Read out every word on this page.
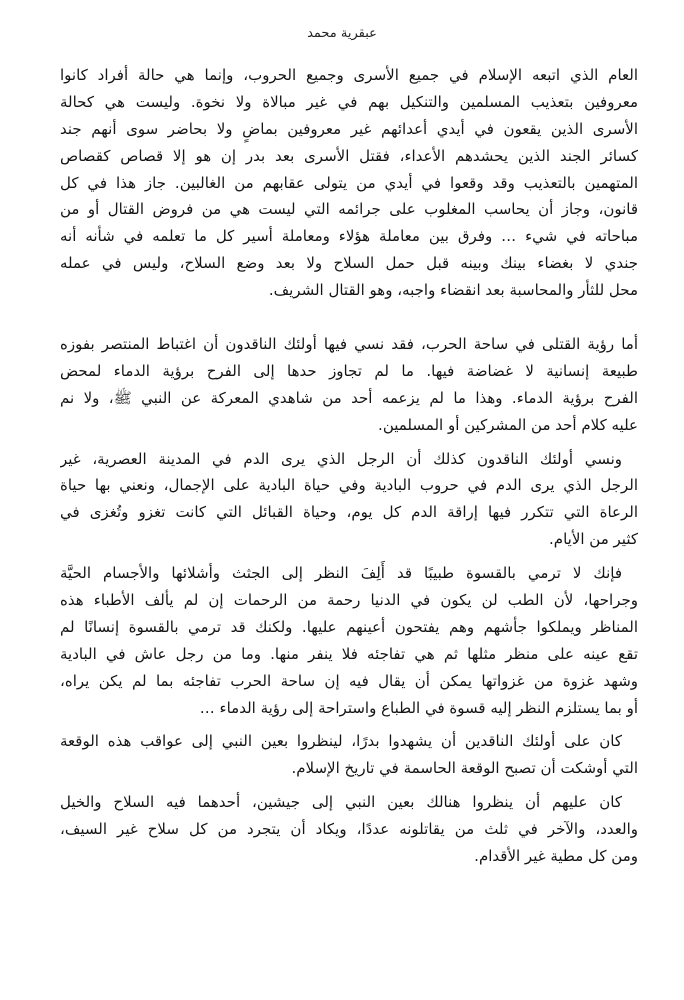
عبقرية محمد
العام الذي اتبعه الإسلام في جميع الأسرى وجميع الحروب، وإنما هي حالة أفراد كانوا
معروفين بتعذيب المسلمين والتنكيل بهم في غير مبالاة ولا نخوة. وليست هي كحالة
الأسرى الذين يقعون في أيدي أعدائهم غير معروفين بماضٍ ولا بحاضر سوى أنهم جند
كسائر الجند الذين يحشدهم الأعداء، فقتل الأسرى بعد بدر إن هو إلا قصاص كقصاص
المتهمين بالتعذيب وقد وقعوا في أيدي من يتولى عقابهم من الغالبين. جاز هذا في كل
قانون، وجاز أن يحاسب المغلوب على جرائمه التي ليست هي من فروض القتال أو من
مباحاته في شيء … وفرق بين معاملة هؤلاء ومعاملة أسير كل ما تعلمه في شأنه أنه
جندي لا بغضاء بينك وبينه قبل حمل السلاح ولا بعد وضع السلاح، وليس في عمله
محل للثأر والمحاسبة بعد انقضاء واجبه، وهو القتال الشريف.
أما رؤية القتلى في ساحة الحرب، فقد نسي فيها أولئك الناقدون أن اغتباط المنتصر بفوزه
طبيعة إنسانية لا غضاضة فيها. ما لم تجاوز حدها إلى الفرح برؤية الدماء لمحض
الفرح برؤية الدماء. وهذا ما لم يزعمه أحد من شاهدي المعركة عن النبي ﷺ، ولا نم
عليه كلام أحد من المشركين أو المسلمين.
ونسي أولئك الناقدون كذلك أن الرجل الذي يرى الدم في المدينة العصرية، غير
الرجل الذي يرى الدم في حروب البادية وفي حياة البادية على الإجمال، ونعني بها حياة
الرعاة التي تتكرر فيها إراقة الدم كل يوم، وحياة القبائل التي كانت تغزو وتُغزى في
كثير من الأيام.
فإنك لا ترمي بالقسوة طبيبًا قد أَلِفَ النظر إلى الجثث وأشلائها والأجسام الحيَّة
وجراحها، لأن الطب لن يكون في الدنيا رحمة من الرحمات إن لم يألف الأطباء هذه
المناظر ويملكوا جأشهم وهم يفتحون أعينهم عليها. ولكنك قد ترمي بالقسوة إنسانًا لم
تقع عينه على منظر مثلها ثم هي تفاجئه فلا ينفر منها. وما من رجل عاش في البادية
وشهد غزوة من غزواتها يمكن أن يقال فيه إن ساحة الحرب تفاجئه بما لم يكن يراه،
أو بما يستلزم النظر إليه قسوة في الطباع واستراحة إلى رؤية الدماء …
كان على أولئك الناقدين أن يشهدوا بدرًا، لينظروا بعين النبي إلى عواقب هذه الوقعة
التي أوشكت أن تصبح الوقعة الحاسمة في تاريخ الإسلام.
كان عليهم أن ينظروا هنالك بعين النبي إلى جيشين، أحدهما فيه السلاح والخيل
والعدد، والآخر في ثلث من يقاتلونه عددًا، ويكاد أن يتجرد من كل سلاح غير السيف،
ومن كل مطية غير الأقدام.
